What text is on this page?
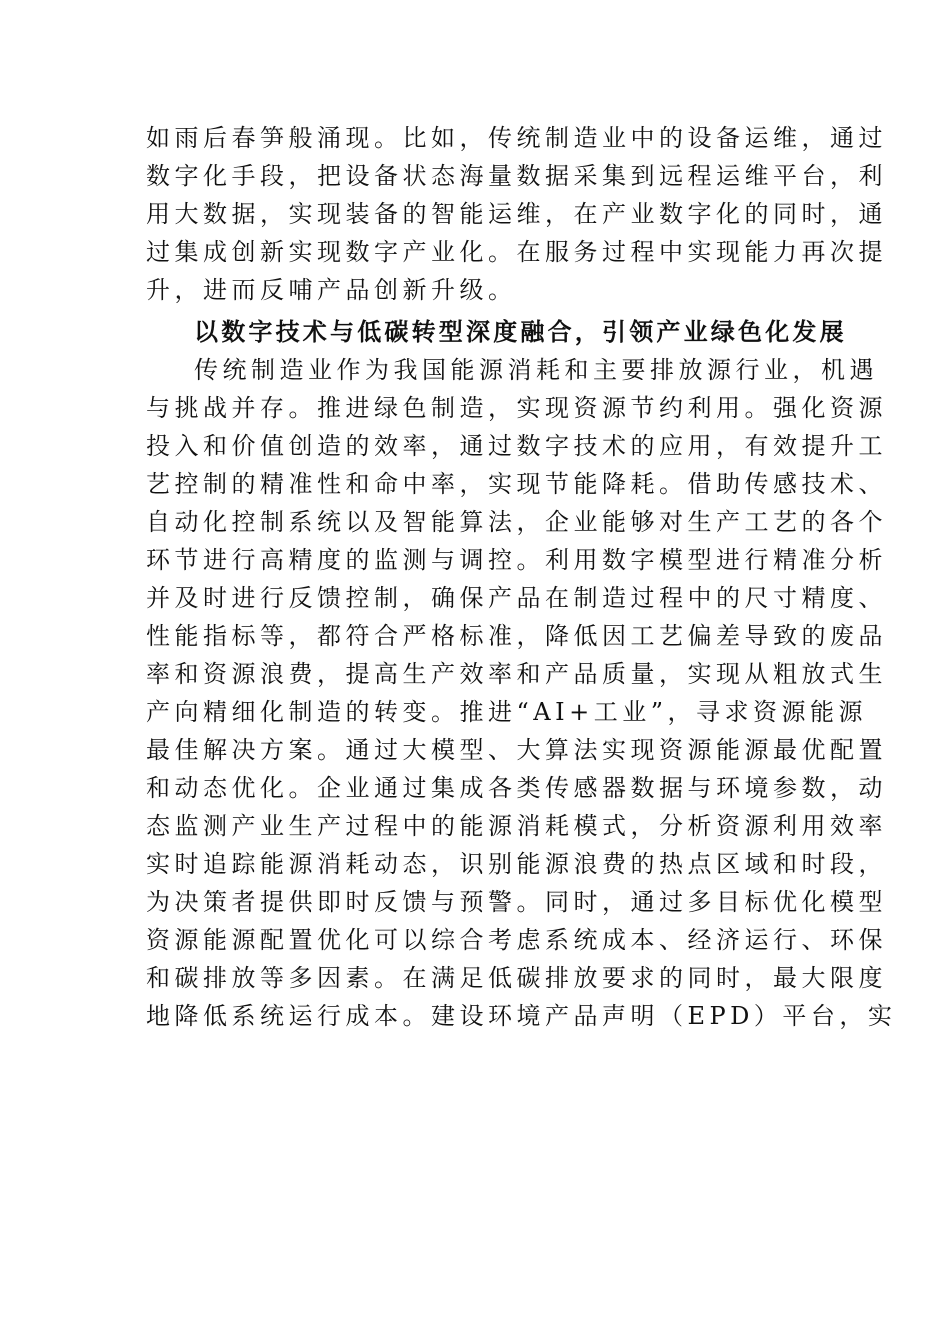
如雨后春笋般涌现。比如，传统制造业中的设备运维，通过

数字化手段，把设备状态海量数据采集到远程运维平台，利

用大数据，实现装备的智能运维，在产业数字化的同时，通

过集成创新实现数字产业化。在服务过程中实现能力再次提

升，进而反哺产品创新升级。

以数字技术与低碳转型深度融合，引领产业绿色化发展

传统制造业作为我国能源消耗和主要排放源行业，机遇

与挑战并存。推进绿色制造，实现资源节约利用。强化资源

投入和价值创造的效率，通过数字技术的应用，有效提升工

艺控制的精准性和命中率，实现节能降耗。借助传感技术、

自动化控制系统以及智能算法，企业能够对生产工艺的各个

环节进行高精度的监测与调控。利用数字模型进行精准分析

并及时进行反馈控制，确保产品在制造过程中的尺寸精度、

性能指标等，都符合严格标准，降低因工艺偏差导致的废品

率和资源浪费，提高生产效率和产品质量，实现从粗放式生

产向精细化制造的转变。推进“AI+工业”，寻求资源能源

最佳解决方案。通过大模型、大算法实现资源能源最优配置

和动态优化。企业通过集成各类传感器数据与环境参数，动

态监测产业生产过程中的能源消耗模式，分析资源利用效率

实时追踪能源消耗动态，识别能源浪费的热点区域和时段，

为决策者提供即时反馈与预警。同时，通过多目标优化模型

资源能源配置优化可以综合考虑系统成本、经济运行、环保

和碳排放等多因素。在满足低碳排放要求的同时，最大限度

地降低系统运行成本。建设环境产品声明（EPD）平台，实
